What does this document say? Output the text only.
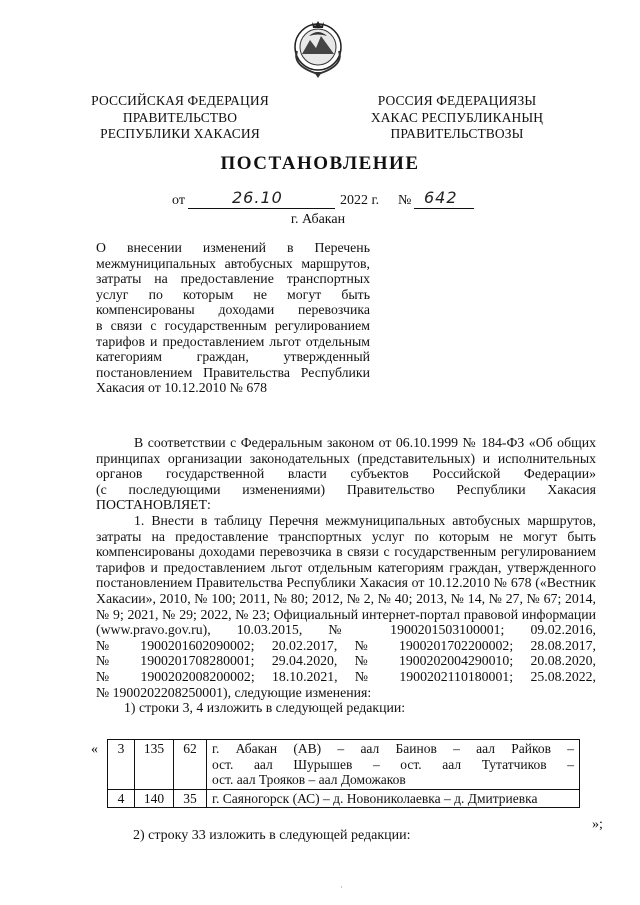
РОССИЙСКАЯ ФЕДЕРАЦИЯ
ПРАВИТЕЛЬСТВО
РЕСПУБЛИКИ ХАКАСИЯ
РОССИЯ ФЕДЕРАЦИЯЗЫ
ХАКАС РЕСПУБЛИКАНЫҢ
ПРАВИТЕЛЬСТВОЗЫ
ПОСТАНОВЛЕНИЕ
от	26.10	2022 г. № 642
г. Абакан
О внесении изменений в Перечень
межмуниципальных автобусных маршрутов,
затраты на предоставление транспортных
услуг по которым не могут быть
компенсированы доходами перевозчика
в связи с государственным регулированием
тарифов и предоставлением льгот отдельным
категориям граждан, утвержденный
постановлением Правительства Республики
Хакасия от 10.12.2010 № 678
В соответствии с Федеральным законом от 06.10.1999 № 184-ФЗ «Об общих
принципах организации законодательных (представительных) и исполнительных
органов государственной власти субъектов Российской Федерации»
(с последующими изменениями) Правительство Республики Хакасия
ПОСТАНОВЛЯЕТ:
1. Внести в таблицу Перечня межмуниципальных автобусных маршрутов,
затраты на предоставление транспортных услуг по которым не могут быть
компенсированы доходами перевозчика в связи с государственным регулированием
тарифов и предоставлением льгот отдельным категориям граждан, утвержденного
постановлением Правительства Республики Хакасия от 10.12.2010 № 678 («Вестник
Хакасии», 2010, № 100; 2011, № 80; 2012, № 2, № 40; 2013, № 14, № 27, № 67; 2014,
№ 9; 2021, № 29; 2022, № 23; Официальный интернет-портал правовой информации
(www.pravo.gov.ru), 10.03.2015, № 1900201503100001; 09.02.2016,
№ 1900201602090002; 20.02.2017, № 1900201702200002; 28.08.2017,
№ 1900201708280001; 29.04.2020, № 1900202004290010; 20.08.2020,
№ 1900202008200002; 18.10.2021, № 1900202110180001; 25.08.2022,
№ 1900202208250001), следующие изменения:
1) строки 3, 4 изложить в следующей редакции:
« 3	135	62	г. Абакан (АВ) – аал Баинов – аал Райков –
ост. аал Шурышев – ост. аал Тутатчиков –
ост. аал Трояков – аал Доможаков

4	140	35	г. Саяногорск (АС) – д. Новониколаевка – д. Дмитриевка
»;
2) строку 33 изложить в следующей редакции:
·
